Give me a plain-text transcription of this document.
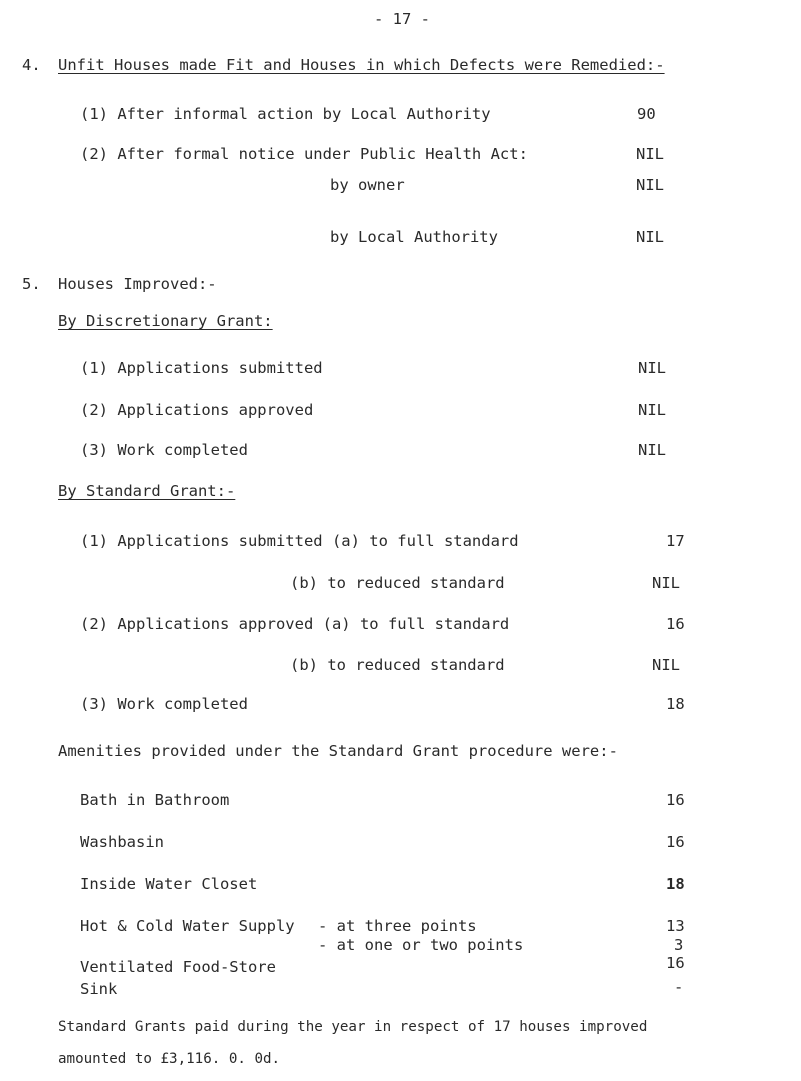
- 17 -
4. Unfit Houses made Fit and Houses in which Defects were Remedied:-
(1) After informal action by Local Authority	90
(2) After formal notice under Public Health Act:	NIL
by owner	NIL
by Local Authority	NIL
5. Houses Improved:-
By Discretionary Grant:
(1) Applications submitted	NIL
(2) Applications approved	NIL
(3) Work completed	NIL
By Standard Grant:-
(1) Applications submitted (a) to full standard	17
(b) to reduced standard	NIL
(2) Applications approved (a) to full standard	16
(b) to reduced standard	NIL
(3) Work completed	18
Amenities provided under the Standard Grant procedure were:-
Bath in Bathroom	16
Washbasin	16
Inside Water Closet	18
Hot & Cold Water Supply - at three points	13
- at one or two points	3
Ventilated Food-Store	16
Sink	-
Standard Grants paid during the year in respect of 17 houses improved
amounted to £3,116. 0. 0d.
